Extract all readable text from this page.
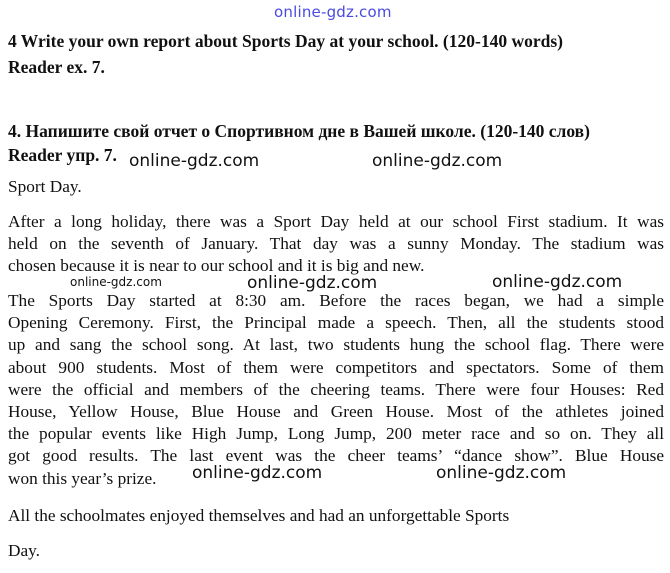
online-gdz.com
4 Write your own report about Sports Day at your school. (120-140 words)
Reader ex. 7.
4. Напишите свой отчет о Спортивном дне в Вашей школе. (120-140 слов)
Reader упр. 7.
Sport Day.
After a long holiday, there was a Sport Day held at our school First stadium. It was
held on the seventh of January. That day was a sunny Monday. The stadium was
chosen because it is near to our school and it is big and new.
The Sports Day started at 8:30 am. Before the races began, we had a simple
Opening Ceremony. First, the Principal made a speech. Then, all the students stood
up and sang the school song. At last, two students hung the school flag. There were
about 900 students. Most of them were competitors and spectators. Some of them
were the official and members of the cheering teams. There were four Houses: Red
House, Yellow House, Blue House and Green House. Most of the athletes joined
the popular events like High Jump, Long Jump, 200 meter race and so on. They all
got good results. The last event was the cheer teams’ “dance show”. Blue House
won this year’s prize.
All the schoolmates enjoyed themselves and had an unforgettable Sports
Day.
online-gdz.com	online-gdz.com
online-gdz.com	online-gdz.com	online-gdz.com
online-gdz.com	online-gdz.com
